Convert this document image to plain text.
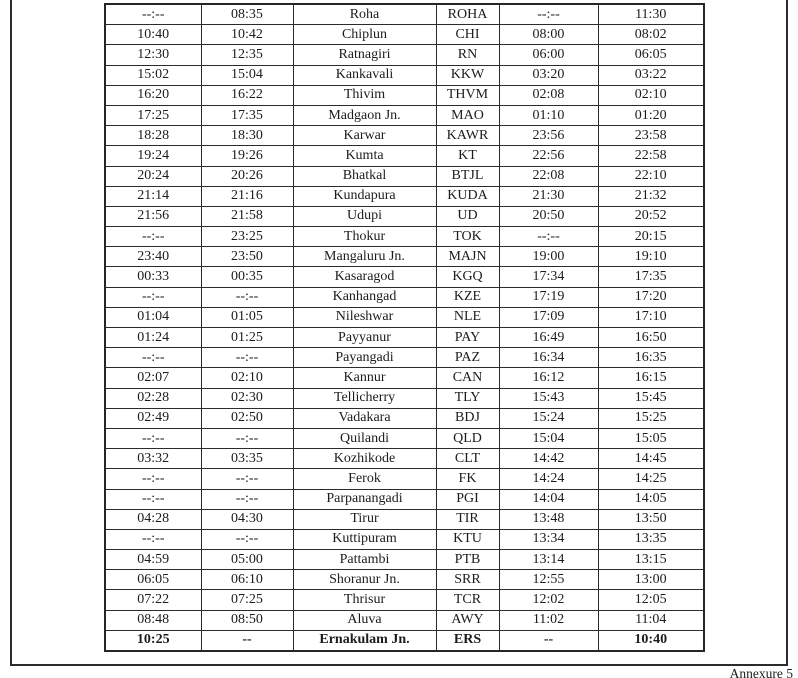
--:--	08:35	Roha	ROHA	--:--	11:30
10:40	10:42	Chiplun	CHI	08:00	08:02
12:30	12:35	Ratnagiri	RN	06:00	06:05
15:02	15:04	Kankavali	KKW	03:20	03:22
16:20	16:22	Thivim	THVM	02:08	02:10
17:25	17:35	Madgaon Jn.	MAO	01:10	01:20
18:28	18:30	Karwar	KAWR	23:56	23:58
19:24	19:26	Kumta	KT	22:56	22:58
20:24	20:26	Bhatkal	BTJL	22:08	22:10
21:14	21:16	Kundapura	KUDA	21:30	21:32
21:56	21:58	Udupi	UD	20:50	20:52
--:--	23:25	Thokur	TOK	--:--	20:15
23:40	23:50	Mangaluru Jn.	MAJN	19:00	19:10
00:33	00:35	Kasaragod	KGQ	17:34	17:35
--:--	--:--	Kanhangad	KZE	17:19	17:20
01:04	01:05	Nileshwar	NLE	17:09	17:10
01:24	01:25	Payyanur	PAY	16:49	16:50
--:--	--:--	Payangadi	PAZ	16:34	16:35
02:07	02:10	Kannur	CAN	16:12	16:15
02:28	02:30	Tellicherry	TLY	15:43	15:45
02:49	02:50	Vadakara	BDJ	15:24	15:25
--:--	--:--	Quilandi	QLD	15:04	15:05
03:32	03:35	Kozhikode	CLT	14:42	14:45
--:--	--:--	Ferok	FK	14:24	14:25
--:--	--:--	Parpanangadi	PGI	14:04	14:05
04:28	04:30	Tirur	TIR	13:48	13:50
--:--	--:--	Kuttipuram	KTU	13:34	13:35
04:59	05:00	Pattambi	PTB	13:14	13:15
06:05	06:10	Shoranur Jn.	SRR	12:55	13:00
07:22	07:25	Thrisur	TCR	12:02	12:05
08:48	08:50	Aluva	AWY	11:02	11:04
10:25	--	Ernakulam Jn.	ERS	--	10:40
Annexure 5
